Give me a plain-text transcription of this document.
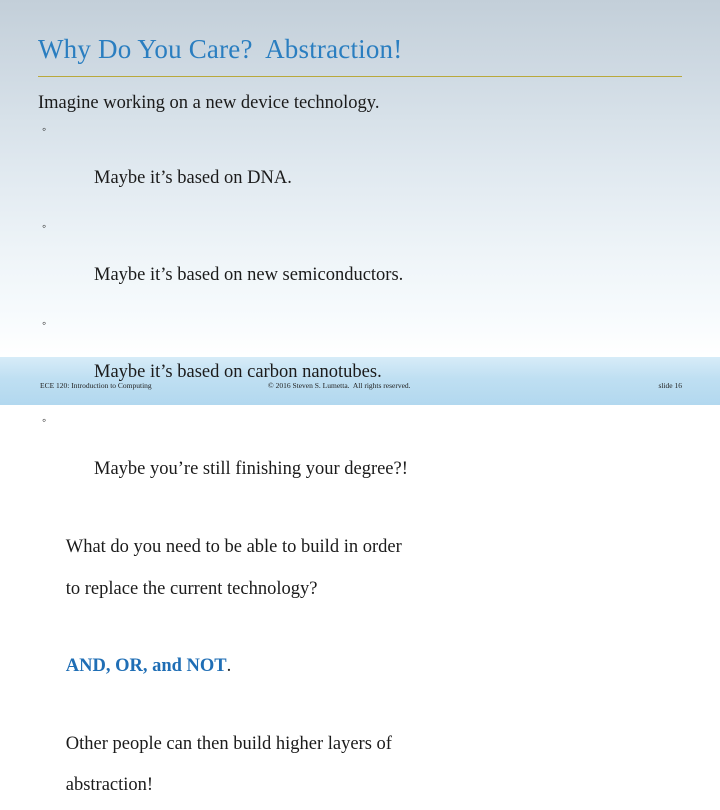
Why Do You Care?  Abstraction!

Imagine working on a new device technology.

◦

Maybe it’s based on DNA.

◦

Maybe it’s based on new semiconductors.

◦

Maybe it’s based on carbon nanotubes.

◦

Maybe you’re still finishing your degree?!

What do you need to be able to build in order

to replace the current technology?

AND, OR, and NOT.

Other people can then build higher layers of

abstraction!

ECE 120: Introduction to Computing	© 2016 Steven S. Lumetta.  All rights reserved.	slide 16
